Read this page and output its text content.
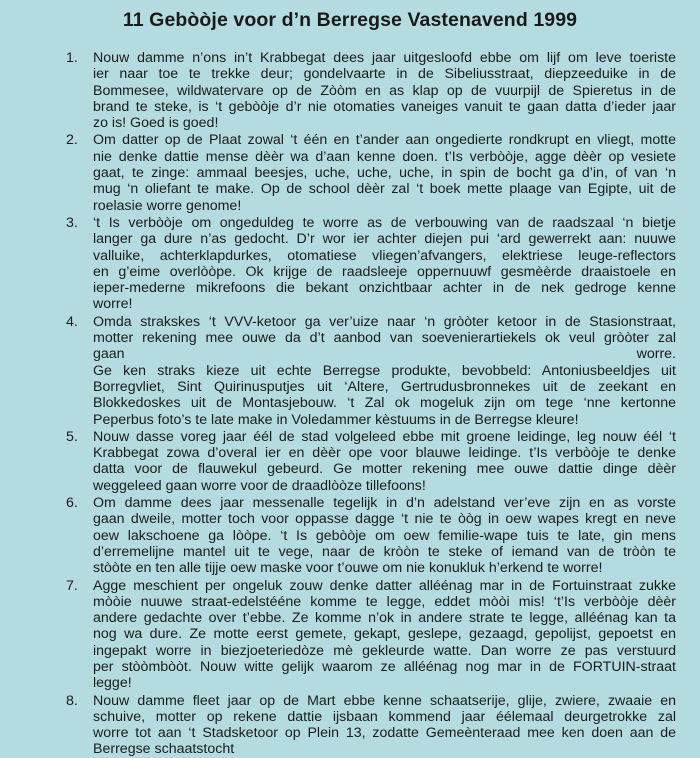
11 Gebòòje voor d’n Berregse Vastenavend 1999
1.	Nouw damme n’ons in’t Krabbegat dees jaar uitgesloofd ebbe om lijf om leve toeriste
ier naar toe te trekke deur; gondelvaarte in de Sibeliusstraat, diepzeeduike in de
Bommesee, wildwatervare op de Zòòm en as klap op de vuurpijl de Spieretus in de
brand te steke, is ‘t gebòòje d’r nie otomaties vaneiges vanuit te gaan datta d’ieder jaar
zo is! Goed is goed!
2.	Om datter op de Plaat zowal ‘t één en t’ander aan ongedierte rondkrupt en vliegt, motte
nie denke dattie mense dèèr wa d’aan kenne doen. t’Is verbòòje, agge dèèr op vesiete
gaat, te zinge: ammaal beesjes, uche, uche, uche, in spin de bocht ga d’in, of van ‘n
mug ‘n oliefant te make. Op de school dèèr zal ‘t boek mette plaage van Egipte, uit de
roelasie worre genome!
3.	‘t Is verbòòje om ongeduldeg te worre as de verbouwing van de raadszaal ‘n bietje
langer ga dure n’as gedocht. D’r wor ier achter diejen pui ‘ard gewerrekt aan: nuuwe
valluike, achterklapdurkes, otomatiese vliegen’afvangers, elektriese leuge-reflectors
en g’eime overlòòpe. Ok krijge de raadsleeje oppernuuwf gesmèèrde draaistoele en
ieper-mederne mikrefoons die bekant onzichtbaar achter in de nek gedroge kenne
worre!
4.	Omda strakskes ‘t VVV-ketoor ga ver’uize naar ‘n gròòter ketoor in de Stasionstraat,
motter rekening mee ouwe da d’t aanbod van soevenierartiekels ok veul gròòter zal
gaan worre.
Ge ken straks kieze uit echte Berregse produkte, bevobbeld: Antoniusbeeldjes uit
Borregvliet, Sint Quirinusputjes uit ‘Altere, Gertrudusbronnekes uit de zeekant en
Blokkedoskes uit de Montasjebouw. ‘t Zal ok mogeluk zijn om tege ‘nne kertonne
Peperbus foto’s te late make in Voledammer kèstuums in de Berregse kleure!
5.	Nouw dasse voreg jaar éél de stad volgeleed ebbe mit groene leidinge, leg nouw éél ‘t
Krabbegat zowa d’overal ier en dèèr ope voor blauwe leidinge. t’Is verbòòje te denke
datta voor de flauwekul gebeurd. Ge motter rekening mee ouwe dattie dinge dèèr
weggeleed gaan worre voor de draadlòòze tillefoons!
6.	Om damme dees jaar messenalle tegelijk in d’n adelstand ver’eve zijn en as vorste
gaan dweile, motter toch voor oppasse dagge ‘t nie te òòg in oew wapes kregt en neve
oew lakschoene ga lòòpe. ‘t Is gebòòje om oew femilie-wape tuis te late, gin mens
d’erremelijne mantel uit te vege, naar de kròòn te steke of iemand van de tròòn te
stòòte en ten alle tijje oew maske voor t’ouwe om nie konukluk h’erkend te worre!
7.	Agge meschient per ongeluk zouw denke datter alléénag mar in de Fortuinstraat zukke
mòòie nuuwe straat-edelstééne komme te legge, eddet mòòi mis! ‘t’Is verbòòje dèèr
andere gedachte over t’ebbe. Ze komme n’ok in andere strate te legge, alléénag kan ta
nog wa dure. Ze motte eerst gemete, gekapt, geslepe, gezaagd, gepolijst, gepoetst en
ingepakt worre in biezjoeteriedòze mè gekleurde watte. Dan worre ze pas verstuurd
per stòòmbòòt. Nouw witte gelijk waarom ze alléénag nog mar in de FORTUIN-straat
legge!
8.	Nouw damme fleet jaar op de Mart ebbe kenne schaatserije, glije, zwiere, zwaaie en
schuive, motter op rekene dattie ijsbaan kommend jaar éélemaal deurgetrokke zal
worre tot aan ‘t Stadsketoor op Plein 13, zodatte Gemeènteraad mee ken doen aan de
Berregse schaatstocht
